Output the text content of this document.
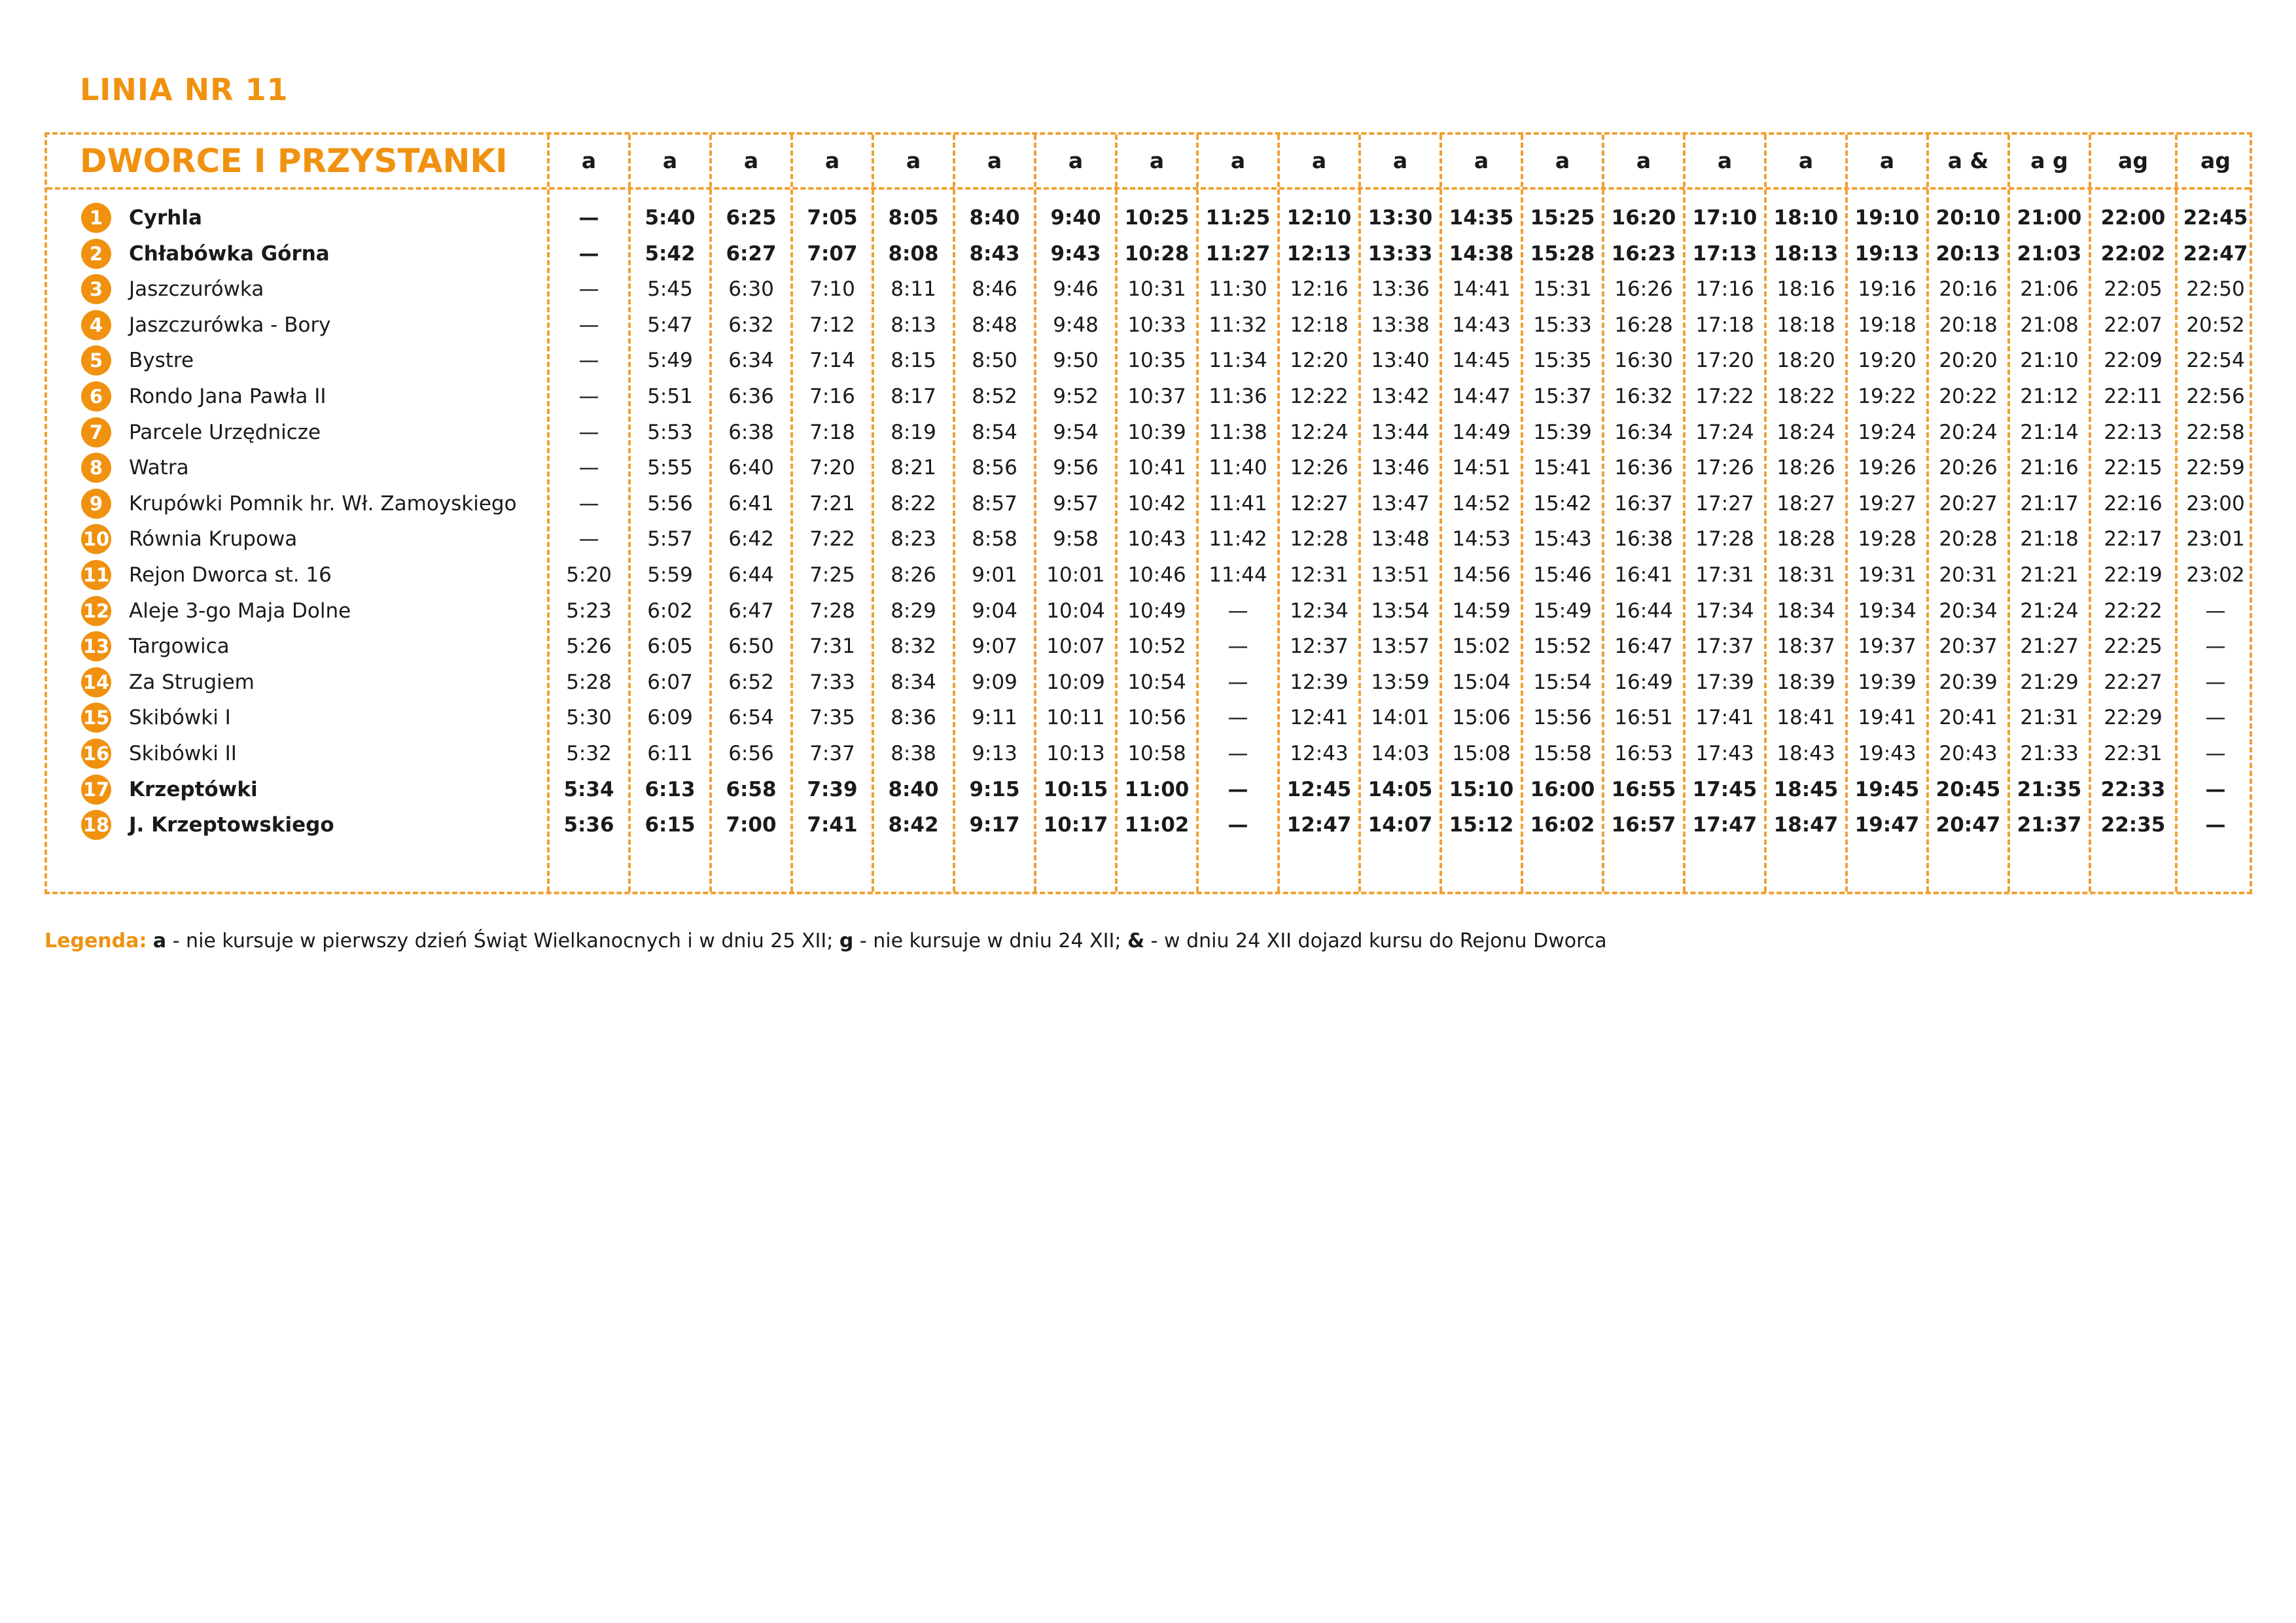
LINIA NR 11
DWORCE I PRZYSTANKI	a	a	a	a	a	a	a	a	a	a	a	a	a	a	a	a	a	a &	a g	ag	ag
1	Cyrhla	—	5:40	6:25	7:05	8:05	8:40	9:40	10:25 11:25 12:10 13:30 14:35 15:25 16:20 17:10 18:10 19:10 20:10 21:00 22:00 22:45
2	Chłabówka Górna	—	5:42	6:27	7:07	8:08	8:43	9:43	10:28 11:27 12:13 13:33 14:38 15:28 16:23 17:13 18:13 19:13 20:13 21:03 22:02 22:47
3	Jaszczurówka	—	5:45	6:30	7:10	8:11	8:46	9:46	10:31	11:30	12:16	13:36	14:41	15:31	16:26	17:16	18:16	19:16	20:16	21:06	22:05	22:50
4	Jaszczurówka - Bory	—	5:47	6:32	7:12	8:13	8:48	9:48	10:33	11:32	12:18	13:38	14:43	15:33	16:28	17:18	18:18	19:18	20:18	21:08	22:07	20:52
5	Bystre	—	5:49	6:34	7:14	8:15	8:50	9:50	10:35	11:34	12:20	13:40	14:45	15:35	16:30	17:20	18:20	19:20	20:20	21:10	22:09	22:54
6	Rondo Jana Pawła II	—	5:51	6:36	7:16	8:17	8:52	9:52	10:37	11:36	12:22	13:42	14:47	15:37	16:32	17:22	18:22	19:22	20:22	21:12	22:11	22:56
7	Parcele Urzędnicze	—	5:53	6:38	7:18	8:19	8:54	9:54	10:39	11:38	12:24	13:44	14:49	15:39	16:34	17:24	18:24	19:24	20:24	21:14	22:13	22:58
8	Watra	—	5:55	6:40	7:20	8:21	8:56	9:56	10:41	11:40	12:26	13:46	14:51	15:41	16:36	17:26	18:26	19:26	20:26	21:16	22:15	22:59
9	Krupówki Pomnik hr. Wł. Zamoyskiego	—	5:56	6:41	7:21	8:22	8:57	9:57	10:42	11:41	12:27	13:47	14:52	15:42	16:37	17:27	18:27	19:27	20:27	21:17	22:16	23:00
10 Równia Krupowa	—	5:57	6:42	7:22	8:23	8:58	9:58	10:43	11:42	12:28	13:48	14:53	15:43	16:38	17:28	18:28	19:28	20:28	21:18	22:17	23:01
11 Rejon Dworca st. 16	5:20	5:59	6:44	7:25	8:26	9:01	10:01	10:46	11:44	12:31	13:51	14:56	15:46	16:41	17:31	18:31	19:31	20:31	21:21	22:19	23:02
12 Aleje 3-go Maja Dolne	5:23	6:02	6:47	7:28	8:29	9:04	10:04	10:49	—	12:34	13:54	14:59	15:49	16:44	17:34	18:34	19:34	20:34	21:24	22:22	—
13 Targowica	5:26	6:05	6:50	7:31	8:32	9:07	10:07	10:52	—	12:37	13:57	15:02	15:52	16:47	17:37	18:37	19:37	20:37	21:27	22:25	—
14 Za Strugiem	5:28	6:07	6:52	7:33	8:34	9:09	10:09	10:54	—	12:39	13:59	15:04	15:54	16:49	17:39	18:39	19:39	20:39	21:29	22:27	—
15 Skibówki I	5:30	6:09	6:54	7:35	8:36	9:11	10:11	10:56	—	12:41	14:01	15:06	15:56	16:51	17:41	18:41	19:41	20:41	21:31	22:29	—
16 Skibówki II	5:32	6:11	6:56	7:37	8:38	9:13	10:13	10:58	—	12:43	14:03	15:08	15:58	16:53	17:43	18:43	19:43	20:43	21:33	22:31	—
17 Krzeptówki	5:34	6:13	6:58	7:39	8:40	9:15	10:15 11:00	—	12:45 14:05 15:10 16:00 16:55 17:45 18:45 19:45 20:45 21:35 22:33	—
18 J. Krzeptowskiego	5:36	6:15	7:00	7:41	8:42	9:17	10:17 11:02	—	12:47 14:07 15:12 16:02 16:57 17:47 18:47 19:47 20:47 21:37 22:35	—
Legenda: a - nie kursuje w pierwszy dzień Świąt Wielkanocnych i w dniu 25 XII; g - nie kursuje w dniu 24 XII; & - w dniu 24 XII dojazd kursu do Rejonu Dworca
